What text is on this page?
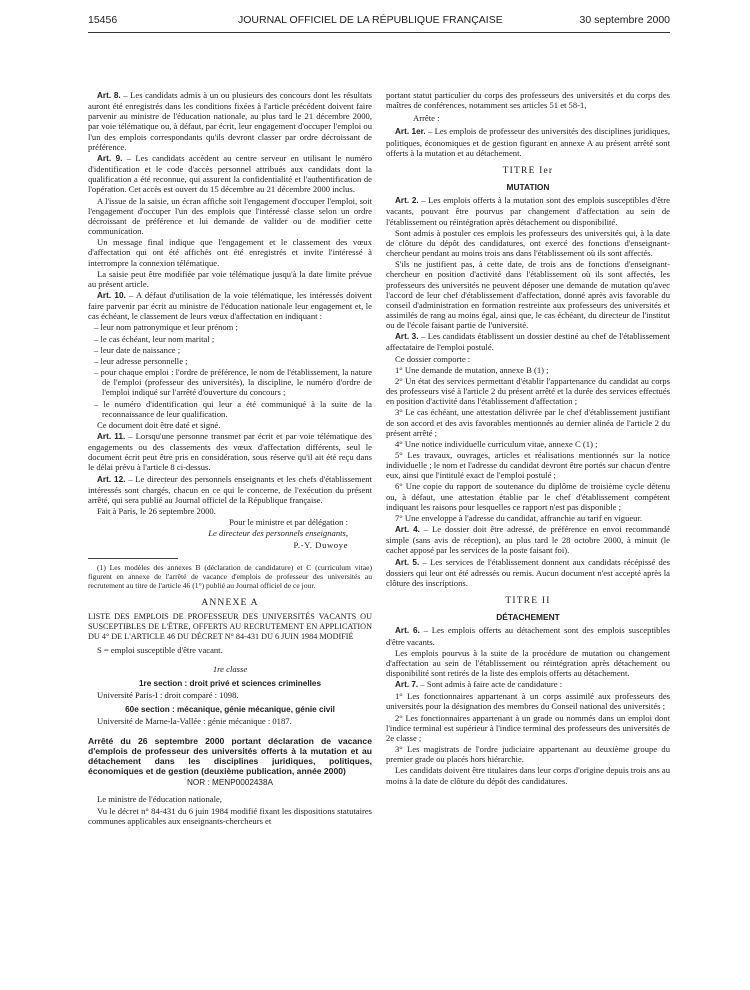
15456	JOURNAL OFFICIEL DE LA RÉPUBLIQUE FRANÇAISE	30 septembre 2000

Art. 8. – Les candidats admis à un ou plusieurs des concours dont les résultats auront été enregistrés dans les conditions fixées à l'article précédent doivent faire parvenir au ministre de l'éducation nationale, au plus tard le 21 décembre 2000, par voie télématique ou, à défaut, par écrit, leur engagement d'occuper l'emploi ou l'un des emplois correspondants qu'ils devront classer par ordre décroissant de préférence.

Art. 9. – Les candidats accèdent au centre serveur en utilisant le numéro d'identification et le code d'accès personnel attribués aux candidats dont la qualification a été reconnue, qui assurent la confidentialité et l'authentification de l'opération. Cet accès est ouvert du 15 décembre au 21 décembre 2000 inclus.

A l'issue de la saisie, un écran affiche soit l'engagement d'occuper l'emploi, soit l'engagement d'occuper l'un des emplois que l'intéressé classe selon un ordre décroissant de préférence et lui demande de valider ou de modifier cette communication.

Un message final indique que l'engagement et le classement des vœux d'affectation qui ont été affichés ont été enregistrés et invite l'intéressé à interrompre la connexion télématique.

La saisie peut être modifiée par voie télématique jusqu'à la date limite prévue au présent article.

Art. 10. – A défaut d'utilisation de la voie télématique, les intéressés doivent faire parvenir par écrit au ministre de l'éducation nationale leur engagement et, le cas échéant, le classement de leurs vœux d'affectation en indiquant :

– leur nom patronymique et leur prénom ;

– le cas échéant, leur nom marital ;

– leur date de naissance ;

– leur adresse personnelle ;

– pour chaque emploi : l'ordre de préférence, le nom de l'établissement, la nature de l'emploi (professeur des universités), la discipline, le numéro d'ordre de l'emploi indiqué sur l'arrêté d'ouverture du concours ;

– le numéro d'identification qui leur a été communiqué à la suite de la reconnaissance de leur qualification.

Ce document doit être daté et signé.

Art. 11. – Lorsqu'une personne transmet par écrit et par voie télématique des engagements ou des classements des vœux d'affectation différents, seul le document écrit peut être pris en considération, sous réserve qu'il ait été reçu dans le délai prévu à l'article 8 ci-dessus.

Art. 12. – Le directeur des personnels enseignants et les chefs d'établissement intéressés sont chargés, chacun en ce qui le concerne, de l'exécution du présent arrêté, qui sera publié au Journal officiel de la République française.

Fait à Paris, le 26 septembre 2000.

Pour le ministre et par délégation :

Le directeur des personnels enseignants,

P.-Y. Duwoye

(1) Les modèles des annexes B (déclaration de candidature) et C (curriculum vitae) figurent en annexe de l'arrêté de vacance d'emplois de professeur des universités au recrutement au titre de l'article 46 (1°) publié au Journal officiel de ce jour.

ANNEXE A

LISTE DES EMPLOIS DE PROFESSEUR DES UNIVERSITÉS VACANTS OU SUSCEPTIBLES DE L'ÊTRE, OFFERTS AU RECRUTEMENT EN APPLICATION DU 4° DE L'ARTICLE 46 DU DÉCRET N° 84-431 DU 6 JUIN 1984 MODIFIÉ

S = emploi susceptible d'être vacant.

1re classe

1re section : droit privé et sciences criminelles

Université Paris-I : droit comparé : 1098.

60e section : mécanique, génie mécanique, génie civil

Université de Marne-la-Vallée : génie mécanique : 0187.

Arrêté du 26 septembre 2000 portant déclaration de vacance d'emplois de professeur des universités offerts à la mutation et au détachement dans les disciplines juridiques, politiques, économiques et de gestion (deuxième publication, année 2000)

NOR : MENP0002438A

Le ministre de l'éducation nationale,

Vu le décret n° 84-431 du 6 juin 1984 modifié fixant les dispositions statutaires communes applicables aux enseignants-chercheurs et

portant statut particulier du corps des professeurs des universités et du corps des maîtres de conférences, notamment ses articles 51 et 58-1,

Arrête :

Art. 1er. – Les emplois de professeur des universités des disciplines juridiques, politiques, économiques et de gestion figurant en annexe A au présent arrêté sont offerts à la mutation et au détachement.

TITRE Ier

MUTATION

Art. 2. – Les emplois offerts à la mutation sont des emplois susceptibles d'être vacants, pouvant être pourvus par changement d'affectation au sein de l'établissement ou réintégration après détachement ou disponibilité.

Sont admis à postuler ces emplois les professeurs des universités qui, à la date de clôture du dépôt des candidatures, ont exercé des fonctions d'enseignant-chercheur pendant au moins trois ans dans l'établissement où ils sont affectés.

S'ils ne justifient pas, à cette date, de trois ans de fonctions d'enseignant-chercheur en position d'activité dans l'établissement où ils sont affectés, les professeurs des universités ne peuvent déposer une demande de mutation qu'avec l'accord de leur chef d'établissement d'affectation, donné après avis favorable du conseil d'administration en formation restreinte aux professeurs des universités et assimilés de rang au moins égal, ainsi que, le cas échéant, du directeur de l'institut ou de l'école faisant partie de l'université.

Art. 3. – Les candidats établissent un dossier destiné au chef de l'établissement affectataire de l'emploi postulé.

Ce dossier comporte :

1° Une demande de mutation, annexe B (1) ;

2° Un état des services permettant d'établir l'appartenance du candidat au corps des professeurs visé à l'article 2 du présent arrêté et la durée des services effectués en position d'activité dans l'établissement d'affectation ;

3° Le cas échéant, une attestation délivrée par le chef d'établissement justifiant de son accord et des avis favorables mentionnés au dernier alinéa de l'article 2 du présent arrêté ;

4° Une notice individuelle curriculum vitae, annexe C (1) ;

5° Les travaux, ouvrages, articles et réalisations mentionnés sur la notice individuelle ; le nom et l'adresse du candidat devront être portés sur chacun d'entre eux, ainsi que l'intitulé exact de l'emploi postulé ;

6° Une copie du rapport de soutenance du diplôme de troisième cycle détenu ou, à défaut, une attestation établie par le chef d'établissement compétent indiquant les raisons pour lesquelles ce rapport n'est pas disponible ;

7° Une enveloppe à l'adresse du candidat, affranchie au tarif en vigueur.

Art. 4. – Le dossier doit être adressé, de préférence en envoi recommandé simple (sans avis de réception), au plus tard le 28 octobre 2000, à minuit (le cachet apposé par les services de la poste faisant foi).

Art. 5. – Les services de l'établissement donnent aux candidats récépissé des dossiers qui leur ont été adressés ou remis. Aucun document n'est accepté après la clôture des inscriptions.

TITRE II

DÉTACHEMENT

Art. 6. – Les emplois offerts au détachement sont des emplois susceptibles d'être vacants.

Les emplois pourvus à la suite de la procédure de mutation ou changement d'affectation au sein de l'établissement ou réintégration après détachement ou disponibilité sont retirés de la liste des emplois offerts au détachement.

Art. 7. – Sont admis à faire acte de candidature :

1° Les fonctionnaires appartenant à un corps assimilé aux professeurs des universités pour la désignation des membres du Conseil national des universités ;

2° Les fonctionnaires appartenant à un grade ou nommés dans un emploi dont l'indice terminal est supérieur à l'indice terminal des professeurs des universités de 2e classe ;

3° Les magistrats de l'ordre judiciaire appartenant au deuxième groupe du premier grade ou placés hors hiérarchie.

Les candidats doivent être titulaires dans leur corps d'origine depuis trois ans au moins à la date de clôture du dépôt des candidatures.
